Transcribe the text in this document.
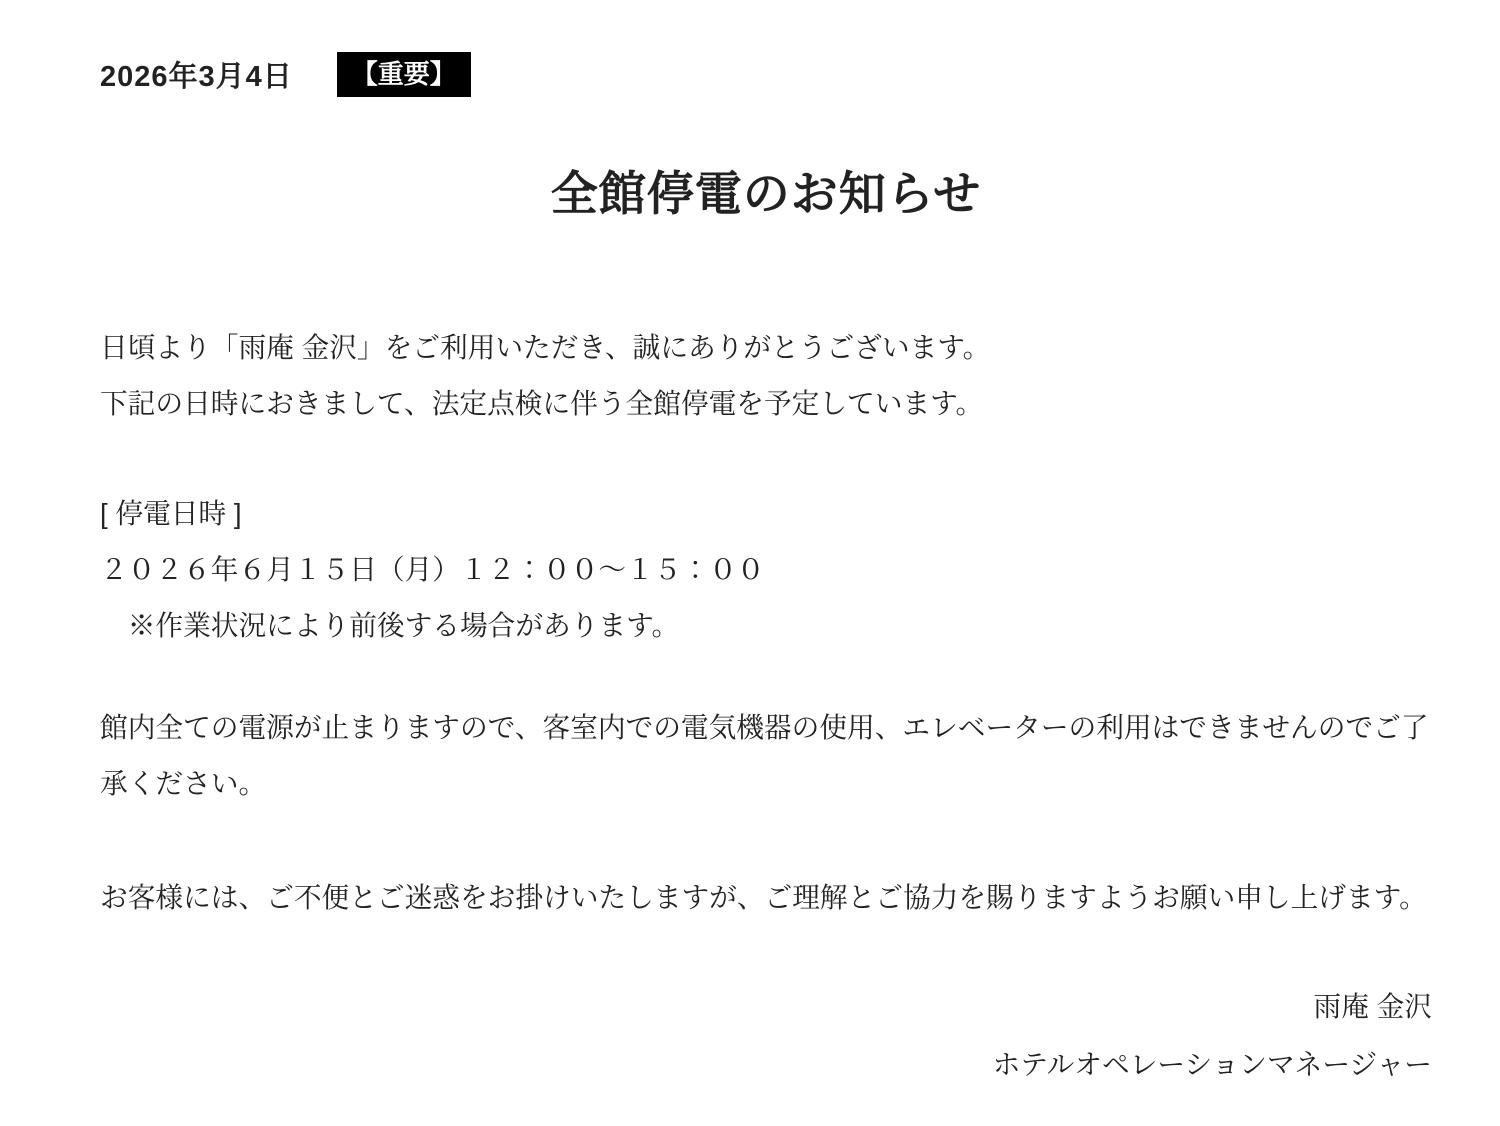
2026年3月4日	【重要】
全館停電のお知らせ
日頃より「雨庵 金沢」をご利用いただき、誠にありがとうございます。
下記の日時におきまして、法定点検に伴う全館停電を予定しています。
[ 停電日時 ]
２０２６年６月１５日（月）１２：００～１５：００
※作業状況により前後する場合があります。

館内全ての電源が止まりますので、客室内での電気機器の使用、エレベーターの利用はできませんのでご了承ください。

お客様には、ご不便とご迷惑をお掛けいたしますが、ご理解とご協力を賜りますようお願い申し上げます。

雨庵 金沢
ホテルオペレーションマネージャー
